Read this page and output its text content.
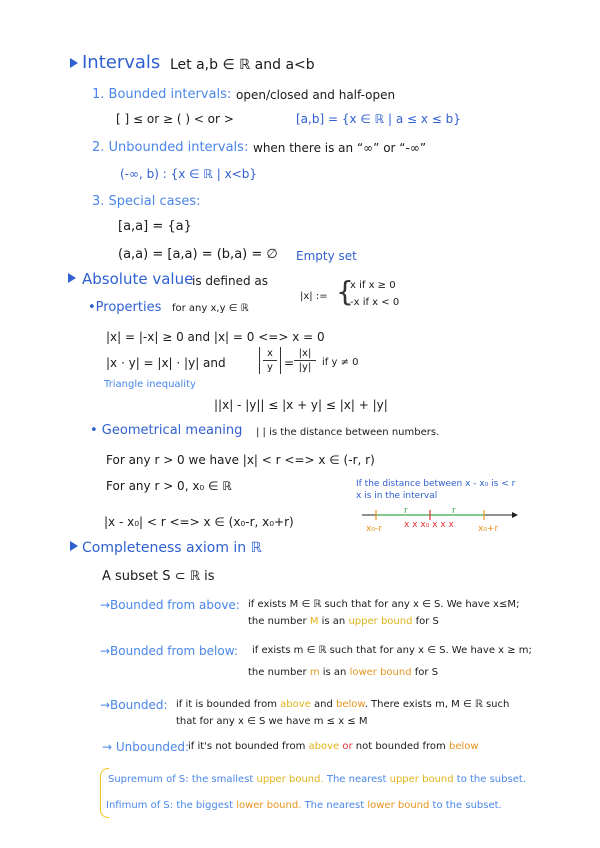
Intervals Let a,b ∈ ℝ and a<b
1. Bounded intervals: open/closed and half-open
[ ] ≤ or ≥ ( ) < or >	[a,b] = {x ∈ ℝ | a ≤ x ≤ b}
2. Unbounded intervals: when there is an “∞” or “-∞”
(-∞, b) : {x ∈ ℝ | x<b}
3. Special cases:
[a,a] = {a}
(a,a) = [a,a) = (b,a) = ∅ Empty set
Absolute value
is defined as
|x| := {
x if x ≥ 0
-x if x < 0
•Properties for any x,y ∈ ℝ
|x| = |-x| ≥ 0 and |x| = 0 <=> x = 0
|x · y| = |x| · |y| and	$\frac{x}{y} = \frac{|x|}{|y|}$ if y ≠ 0
Triangle inequality
||x| - |y|| ≤ |x + y| ≤ |x| + |y|
• Geometrical meaning | | is the distance between numbers.
For any r > 0 we have |x| < r <=> x ∈ (-r, r)
For any r > 0, x₀ ∈ ℝ	If the distance between x - x₀ is < r
x is in the interval
|x - x₀| < r <=> x ∈ (x₀-r, x₀+r)
r	r
x₀-r x x x₀ x x x	x₀+r
Completeness axiom in ℝ
A subset S ⊂ ℝ is
→Bounded from above: if exists M ∈ ℝ such that for any x ∈ S. We have x≤M;
the number M is an upper bound for S
→Bounded from below: if exists m ∈ ℝ such that for any x ∈ S. We have x ≥ m;
the number m is an lower bound for S
→Bounded: if it is bounded from above and below. There exists m, M ∈ ℝ such
that for any x ∈ S we have m ≤ x ≤ M
→ Unbounded:
if it's not bounded from above or not bounded from below
Supremum of S: the smallest upper bound. The nearest upper bound to the subset.
Infimum of S: the biggest lower bound. The nearest lower bound to the subset.
